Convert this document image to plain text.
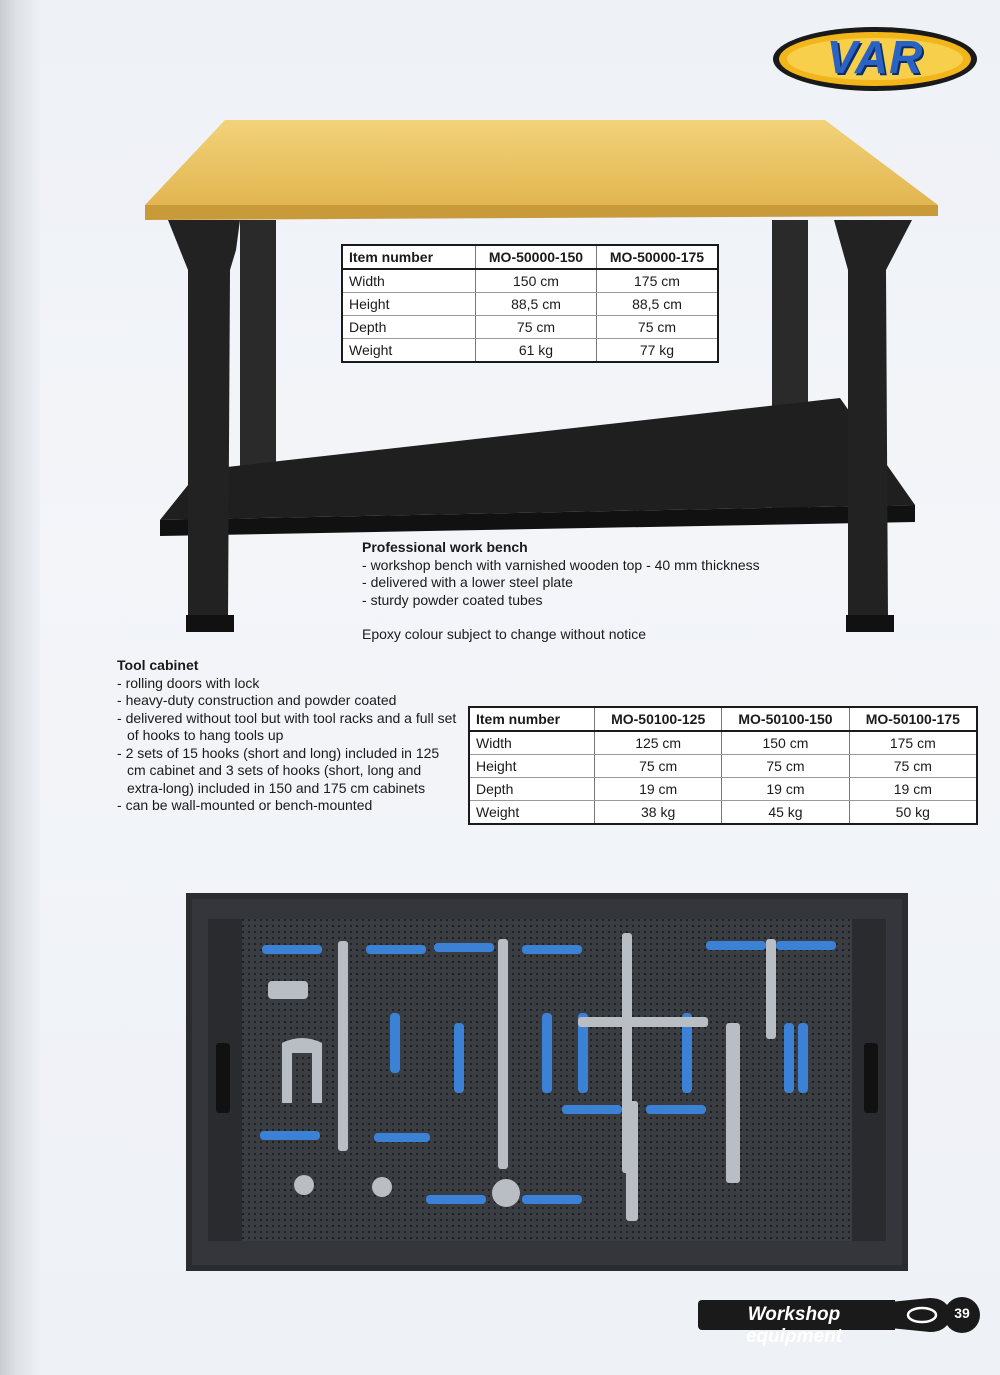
VAR
Item number	MO-50000-150	MO-50000-175
Width	150 cm	175 cm
Height	88,5 cm	88,5 cm
Depth	75 cm	75 cm
Weight	61 kg	77 kg
Professional work bench
- workshop bench with varnished wooden top - 40 mm thickness
- delivered with a lower steel plate
- sturdy powder coated tubes
Epoxy colour subject to change without notice
Tool cabinet
- rolling doors with lock
- heavy-duty construction and powder coated
- delivered without tool but with tool racks and a full set of hooks to hang tools up
- 2 sets of 15 hooks (short and long) included in 125 cm cabinet and 3 sets of hooks (short, long and extra-long) included in 150 and 175 cm cabinets
- can be wall-mounted or bench-mounted
Item number	MO-50100-125	MO-50100-150	MO-50100-175
Width	125 cm	150 cm	175 cm
Height	75 cm	75 cm	75 cm
Depth	19 cm	19 cm	19 cm
Weight	38 kg	45 kg	50 kg
Workshop equipment
39
